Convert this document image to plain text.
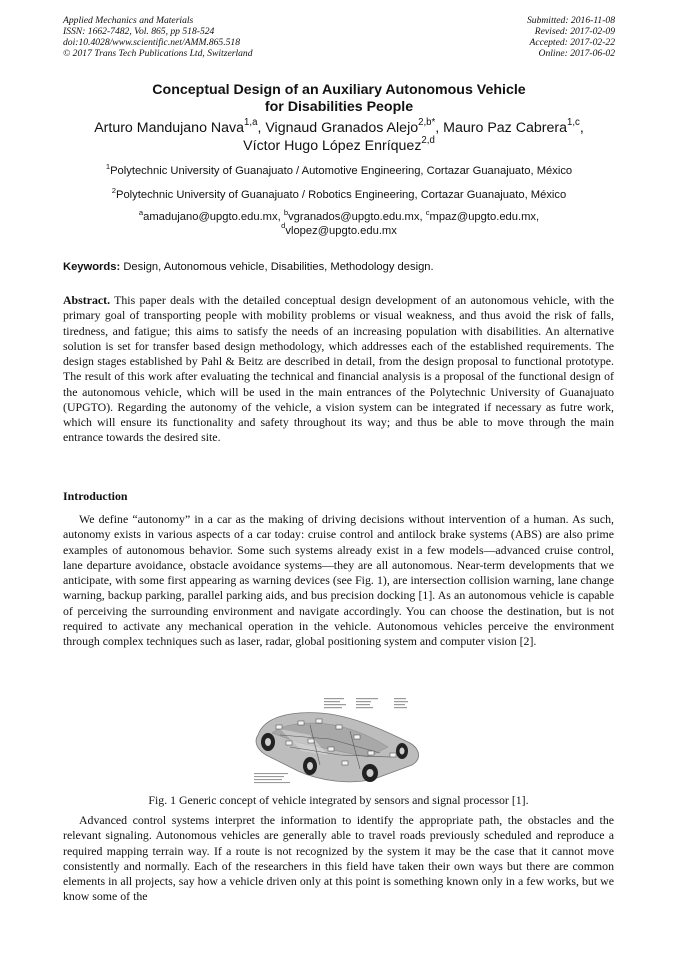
Applied Mechanics and Materials
ISSN: 1662-7482, Vol. 865, pp 518-524
doi:10.4028/www.scientific.net/AMM.865.518
© 2017 Trans Tech Publications Ltd, Switzerland
Submitted: 2016-11-08
Revised: 2017-02-09
Accepted: 2017-02-22
Online: 2017-06-02
Conceptual Design of an Auxiliary Autonomous Vehicle
for Disabilities People
Arturo Mandujano Nava$^{1,a}$, Vignaud Granados Alejo$^{2,b*}$, Mauro Paz Cabrera$^{1,c}$,
Víctor Hugo López Enríquez$^{2,d}$
$^1$Polytechnic University of Guanajuato / Automotive Engineering, Cortazar Guanajuato, México
$^2$Polytechnic University of Guanajuato / Robotics Engineering, Cortazar Guanajuato, México
$^a$amadujano@upgto.edu.mx, $^b$vgranados@upgto.edu.mx, $^c$mpaz@upgto.edu.mx,
$^d$vlopez@upgto.edu.mx
Keywords: Design, Autonomous vehicle, Disabilities, Methodology design.

Abstract. This paper deals with the detailed conceptual design development of an autonomous vehicle, with the primary goal of transporting people with mobility problems or visual weakness, and thus avoid the risk of falls, tiredness, and fatigue; this aims to satisfy the needs of an increasing population with disabilities. An alternative solution is set for transfer based design methodology, which addresses each of the established requirements. The design stages established by Pahl & Beitz are described in detail, from the design proposal to functional prototype. The result of this work after evaluating the technical and financial analysis is a proposal of the functional design of the autonomous vehicle, which will be used in the main entrances of the Polytechnic University of Guanajuato (UPGTO). Regarding the autonomy of the vehicle, a vision system can be integrated if necessary as futre work, which will ensure its functionality and safety throughout its way; and thus be able to move through the main entrance towards the desired site.

Introduction

We define “autonomy” in a car as the making of driving decisions without intervention of a human. As such, autonomy exists in various aspects of a car today: cruise control and antilock brake systems (ABS) are also prime examples of autonomous behavior. Some such systems already exist in a few models—advanced cruise control, lane departure avoidance, obstacle avoidance systems—they are all autonomous. Near-term developments that we anticipate, with some first appearing as warning devices (see Fig. 1), are intersection collision warning, lane change warning, backup parking, parallel parking aids, and bus precision docking [1]. As an autonomous vehicle is capable of perceiving the surrounding environment and navigate accordingly. You can choose the destination, but is not required to activate any mechanical operation in the vehicle. Autonomous vehicles perceive the environment through complex techniques such as laser, radar, global positioning system and computer vision [2].

Fig. 1 Generic concept of vehicle integrated by sensors and signal processor [1].

Advanced control systems interpret the information to identify the appropriate path, the obstacles and the relevant signaling. Autonomous vehicles are generally able to travel roads previously scheduled and reproduce a required mapping terrain way. If a route is not recognized by the system it may be the case that it cannot move consistently and normally. Each of the researchers in this field have taken their own ways but there are common elements in all projects, say how a vehicle driven only at this point is something known only in a few works, but we know some of the
